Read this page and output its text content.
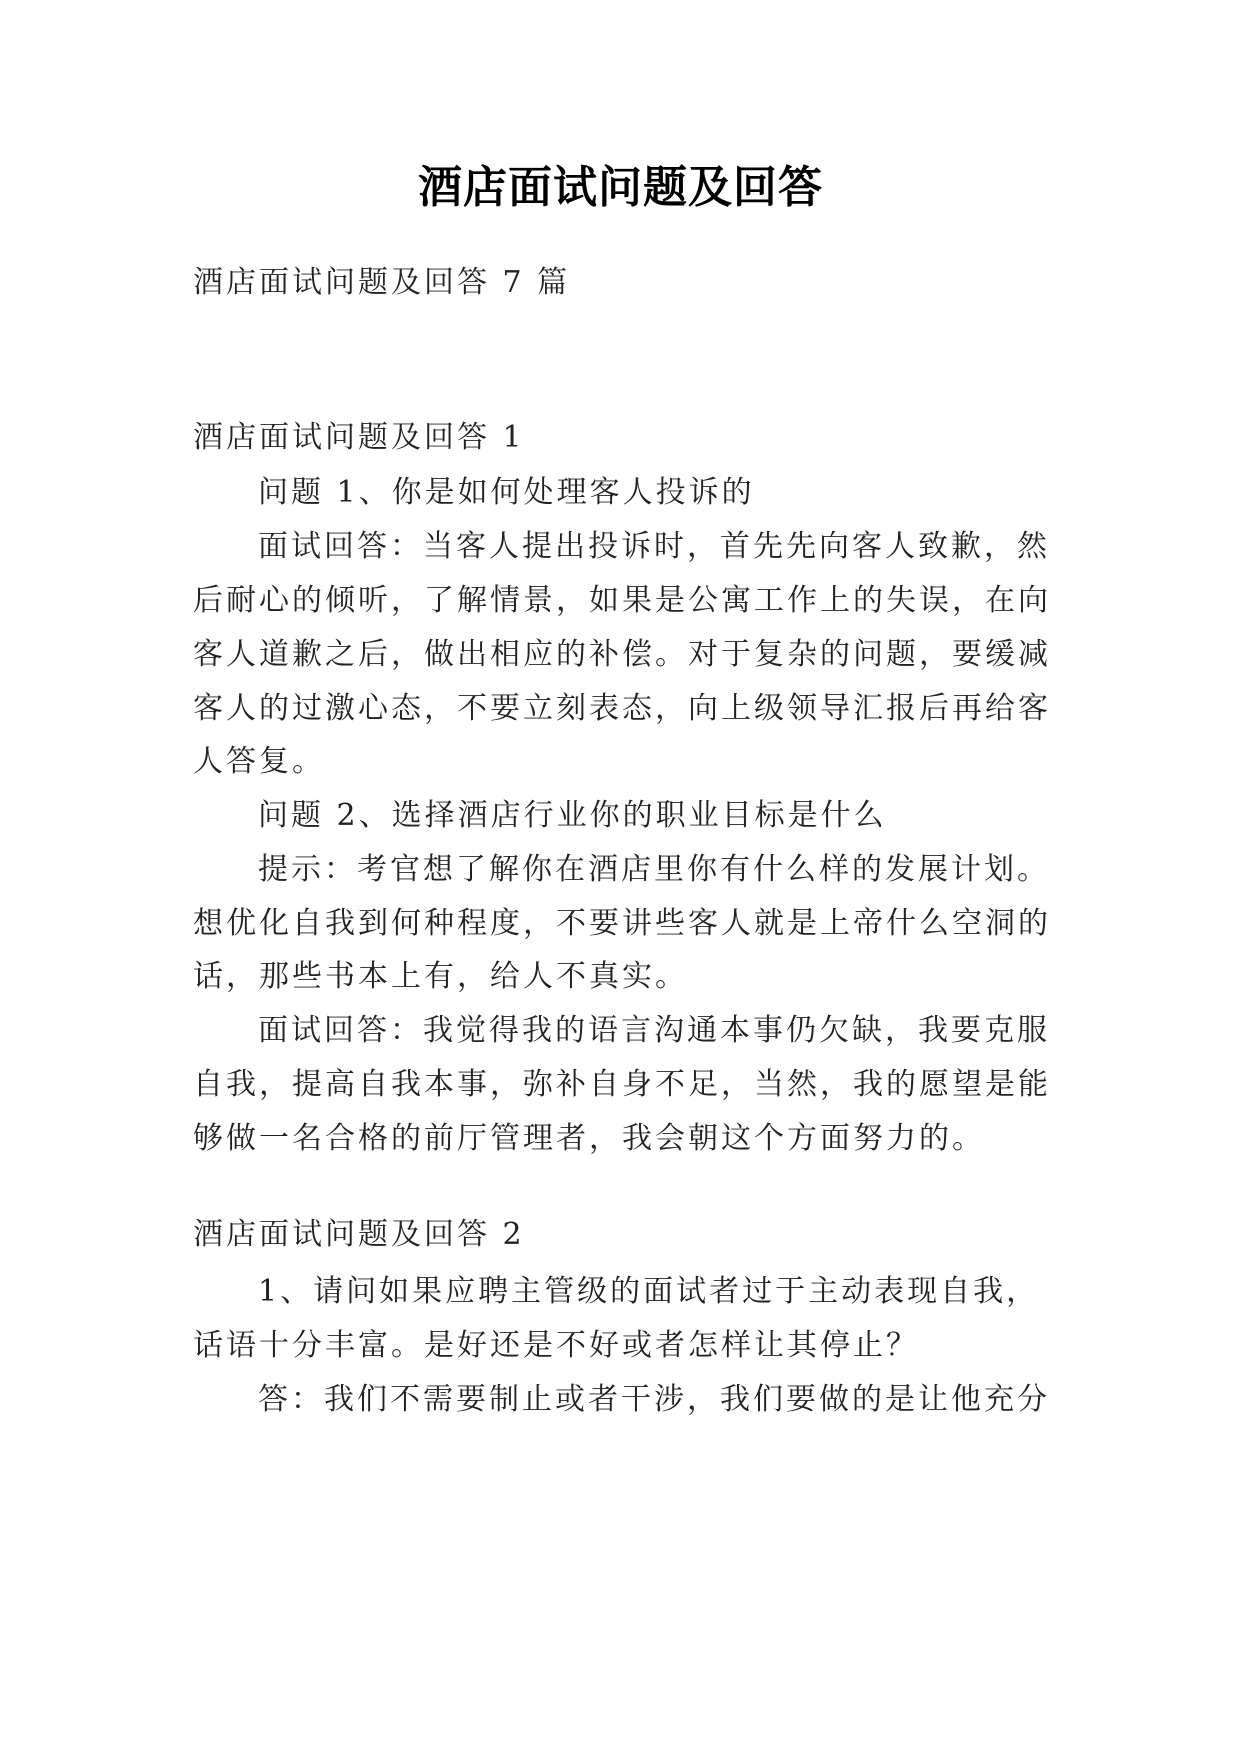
酒店面试问题及回答
酒店面试问题及回答 7 篇
酒店面试问题及回答 1
问题 1、你是如何处理客人投诉的
面试回答：当客人提出投诉时，首先先向客人致歉，然
后耐心的倾听，了解情景，如果是公寓工作上的失误，在向
客人道歉之后，做出相应的补偿。对于复杂的问题，要缓减
客人的过激心态，不要立刻表态，向上级领导汇报后再给客
人答复。
问题 2、选择酒店行业你的职业目标是什么
提示：考官想了解你在酒店里你有什么样的发展计划。
想优化自我到何种程度，不要讲些客人就是上帝什么空洞的
话，那些书本上有，给人不真实。
面试回答：我觉得我的语言沟通本事仍欠缺，我要克服
自我，提高自我本事，弥补自身不足，当然，我的愿望是能
够做一名合格的前厅管理者，我会朝这个方面努力的。
酒店面试问题及回答 2
1、请问如果应聘主管级的面试者过于主动表现自我，
话语十分丰富。是好还是不好或者怎样让其停止？
答：我们不需要制止或者干涉，我们要做的是让他充分
